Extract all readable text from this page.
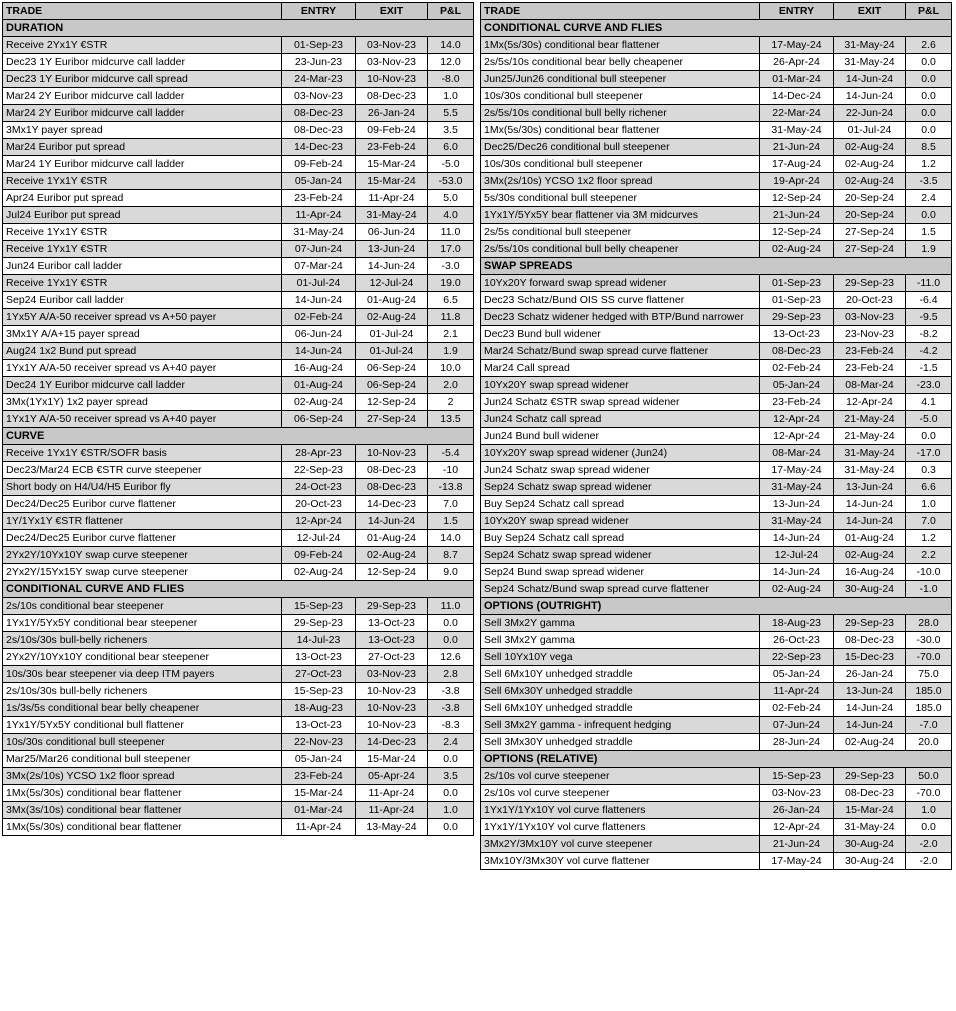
TRADE	ENTRY	EXIT	P&L
DURATION			
Receive 2Yx1Y €STR	01-Sep-23	03-Nov-23	14.0
Dec23 1Y Euribor midcurve call ladder	23-Jun-23	03-Nov-23	12.0
Dec23 1Y Euribor midcurve call spread	24-Mar-23	10-Nov-23	-8.0
Mar24 2Y Euribor midcurve call ladder	03-Nov-23	08-Dec-23	1.0
Mar24 2Y Euribor midcurve call ladder	08-Dec-23	26-Jan-24	5.5
3Mx1Y payer spread	08-Dec-23	09-Feb-24	3.5
Mar24 Euribor put spread	14-Dec-23	23-Feb-24	6.0
Mar24 1Y Euribor midcurve call ladder	09-Feb-24	15-Mar-24	-5.0
Receive 1Yx1Y €STR	05-Jan-24	15-Mar-24	-53.0
Apr24 Euribor put spread	23-Feb-24	11-Apr-24	5.0
Jul24 Euribor put spread	11-Apr-24	31-May-24	4.0
Receive 1Yx1Y €STR	31-May-24	06-Jun-24	11.0
Receive 1Yx1Y €STR	07-Jun-24	13-Jun-24	17.0
Jun24 Euribor call ladder	07-Mar-24	14-Jun-24	-3.0
Receive 1Yx1Y €STR	01-Jul-24	12-Jul-24	19.0
Sep24 Euribor call ladder	14-Jun-24	01-Aug-24	6.5
1Yx5Y A/A-50 receiver spread vs A+50 payer	02-Feb-24	02-Aug-24	11.8
3Mx1Y A/A+15 payer spread	06-Jun-24	01-Jul-24	2.1
Aug24 1x2 Bund put spread	14-Jun-24	01-Jul-24	1.9
1Yx1Y A/A-50 receiver spread vs A+40 payer	16-Aug-24	06-Sep-24	10.0
Dec24 1Y Euribor midcurve call ladder	01-Aug-24	06-Sep-24	2.0
3Mx(1Yx1Y) 1x2 payer spread	02-Aug-24	12-Sep-24	2
1Yx1Y A/A-50 receiver spread vs A+40 payer	06-Sep-24	27-Sep-24	13.5
CURVE			
Receive 1Yx1Y €STR/SOFR basis	28-Apr-23	10-Nov-23	-5.4
Dec23/Mar24 ECB €STR curve steepener	22-Sep-23	08-Dec-23	-10
Short body on H4/U4/H5 Euribor fly	24-Oct-23	08-Dec-23	-13.8
Dec24/Dec25 Euribor curve flattener	20-Oct-23	14-Dec-23	7.0
1Y/1Yx1Y €STR flattener	12-Apr-24	14-Jun-24	1.5
Dec24/Dec25 Euribor curve flattener	12-Jul-24	01-Aug-24	14.0
2Yx2Y/10Yx10Y swap curve steepener	09-Feb-24	02-Aug-24	8.7
2Yx2Y/15Yx15Y swap curve steepener	02-Aug-24	12-Sep-24	9.0
CONDITIONAL CURVE AND FLIES			
2s/10s conditional bear steepener	15-Sep-23	29-Sep-23	11.0
1Yx1Y/5Yx5Y conditional bear steepener	29-Sep-23	13-Oct-23	0.0
2s/10s/30s bull-belly richeners	14-Jul-23	13-Oct-23	0.0
2Yx2Y/10Yx10Y conditional bear steepener	13-Oct-23	27-Oct-23	12.6
10s/30s bear steepener via deep ITM payers	27-Oct-23	03-Nov-23	2.8
2s/10s/30s bull-belly richeners	15-Sep-23	10-Nov-23	-3.8
1s/3s/5s conditional bear belly cheapener	18-Aug-23	10-Nov-23	-3.8
1Yx1Y/5Yx5Y conditional bull flattener	13-Oct-23	10-Nov-23	-8.3
10s/30s conditional bull steepener	22-Nov-23	14-Dec-23	2.4
Mar25/Mar26 conditional bull steepener	05-Jan-24	15-Mar-24	0.0
3Mx(2s/10s) YCSO 1x2 floor spread	23-Feb-24	05-Apr-24	3.5
1Mx(5s/30s) conditional bear flattener	15-Mar-24	11-Apr-24	0.0
3Mx(3s/10s) conditional bear flattener	01-Mar-24	11-Apr-24	1.0
1Mx(5s/30s) conditional bear flattener	11-Apr-24	13-May-24	0.0
TRADE	ENTRY	EXIT	P&L
CONDITIONAL CURVE AND FLIES			
1Mx(5s/30s) conditional bear flattener	17-May-24	31-May-24	2.6
2s/5s/10s conditional bear belly cheapener	26-Apr-24	31-May-24	0.0
Jun25/Jun26 conditional bull steepener	01-Mar-24	14-Jun-24	0.0
10s/30s conditional bull steepener	14-Dec-24	14-Jun-24	0.0
2s/5s/10s conditional bull belly richener	22-Mar-24	22-Jun-24	0.0
1Mx(5s/30s) conditional bear flattener	31-May-24	01-Jul-24	0.0
Dec25/Dec26 conditional bull steepener	21-Jun-24	02-Aug-24	8.5
10s/30s conditional bull steepener	17-Aug-24	02-Aug-24	1.2
3Mx(2s/10s) YCSO 1x2 floor spread	19-Apr-24	02-Aug-24	-3.5
5s/30s conditional bull steepener	12-Sep-24	20-Sep-24	2.4
1Yx1Y/5Yx5Y bear flattener via 3M midcurves	21-Jun-24	20-Sep-24	0.0
2s/5s conditional bull steepener	12-Sep-24	27-Sep-24	1.5
2s/5s/10s conditional bull belly cheapener	02-Aug-24	27-Sep-24	1.9
SWAP SPREADS			
10Yx20Y forward swap spread widener	01-Sep-23	29-Sep-23	-11.0
Dec23 Schatz/Bund OIS SS curve flattener	01-Sep-23	20-Oct-23	-6.4
Dec23 Schatz widener hedged with BTP/Bund narrower	29-Sep-23	03-Nov-23	-9.5
Dec23 Bund bull widener	13-Oct-23	23-Nov-23	-8.2
Mar24 Schatz/Bund swap spread curve flattener	08-Dec-23	23-Feb-24	-4.2
Mar24 Call spread	02-Feb-24	23-Feb-24	-1.5
10Yx20Y swap spread widener	05-Jan-24	08-Mar-24	-23.0
Jun24 Schatz €STR swap spread widener	23-Feb-24	12-Apr-24	4.1
Jun24 Schatz call spread	12-Apr-24	21-May-24	-5.0
Jun24 Bund bull widener	12-Apr-24	21-May-24	0.0
10Yx20Y swap spread widener (Jun24)	08-Mar-24	31-May-24	-17.0
Jun24 Schatz swap spread widener	17-May-24	31-May-24	0.3
Sep24 Schatz swap spread widener	31-May-24	13-Jun-24	6.6
Buy Sep24 Schatz call spread	13-Jun-24	14-Jun-24	1.0
10Yx20Y swap spread widener	31-May-24	14-Jun-24	7.0
Buy Sep24 Schatz call spread	14-Jun-24	01-Aug-24	1.2
Sep24 Schatz swap spread widener	12-Jul-24	02-Aug-24	2.2
Sep24 Bund swap spread widener	14-Jun-24	16-Aug-24	-10.0
Sep24 Schatz/Bund swap spread curve flattener	02-Aug-24	30-Aug-24	-1.0
OPTIONS (OUTRIGHT)			
Sell 3Mx2Y gamma	18-Aug-23	29-Sep-23	28.0
Sell 3Mx2Y gamma	26-Oct-23	08-Dec-23	-30.0
Sell 10Yx10Y vega	22-Sep-23	15-Dec-23	-70.0
Sell 6Mx10Y unhedged straddle	05-Jan-24	26-Jan-24	75.0
Sell 6Mx30Y unhedged straddle	11-Apr-24	13-Jun-24	185.0
Sell 6Mx10Y unhedged straddle	02-Feb-24	14-Jun-24	185.0
Sell 3Mx2Y gamma - infrequent hedging	07-Jun-24	14-Jun-24	-7.0
Sell 3Mx30Y unhedged straddle	28-Jun-24	02-Aug-24	20.0
OPTIONS (RELATIVE)			
2s/10s vol curve steepener	15-Sep-23	29-Sep-23	50.0
2s/10s vol curve steepener	03-Nov-23	08-Dec-23	-70.0
1Yx1Y/1Yx10Y vol curve flatteners	26-Jan-24	15-Mar-24	1.0
1Yx1Y/1Yx10Y vol curve flatteners	12-Apr-24	31-May-24	0.0
3Mx2Y/3Mx10Y vol curve steepener	21-Jun-24	30-Aug-24	-2.0
3Mx10Y/3Mx30Y vol curve flattener	17-May-24	30-Aug-24	-2.0
